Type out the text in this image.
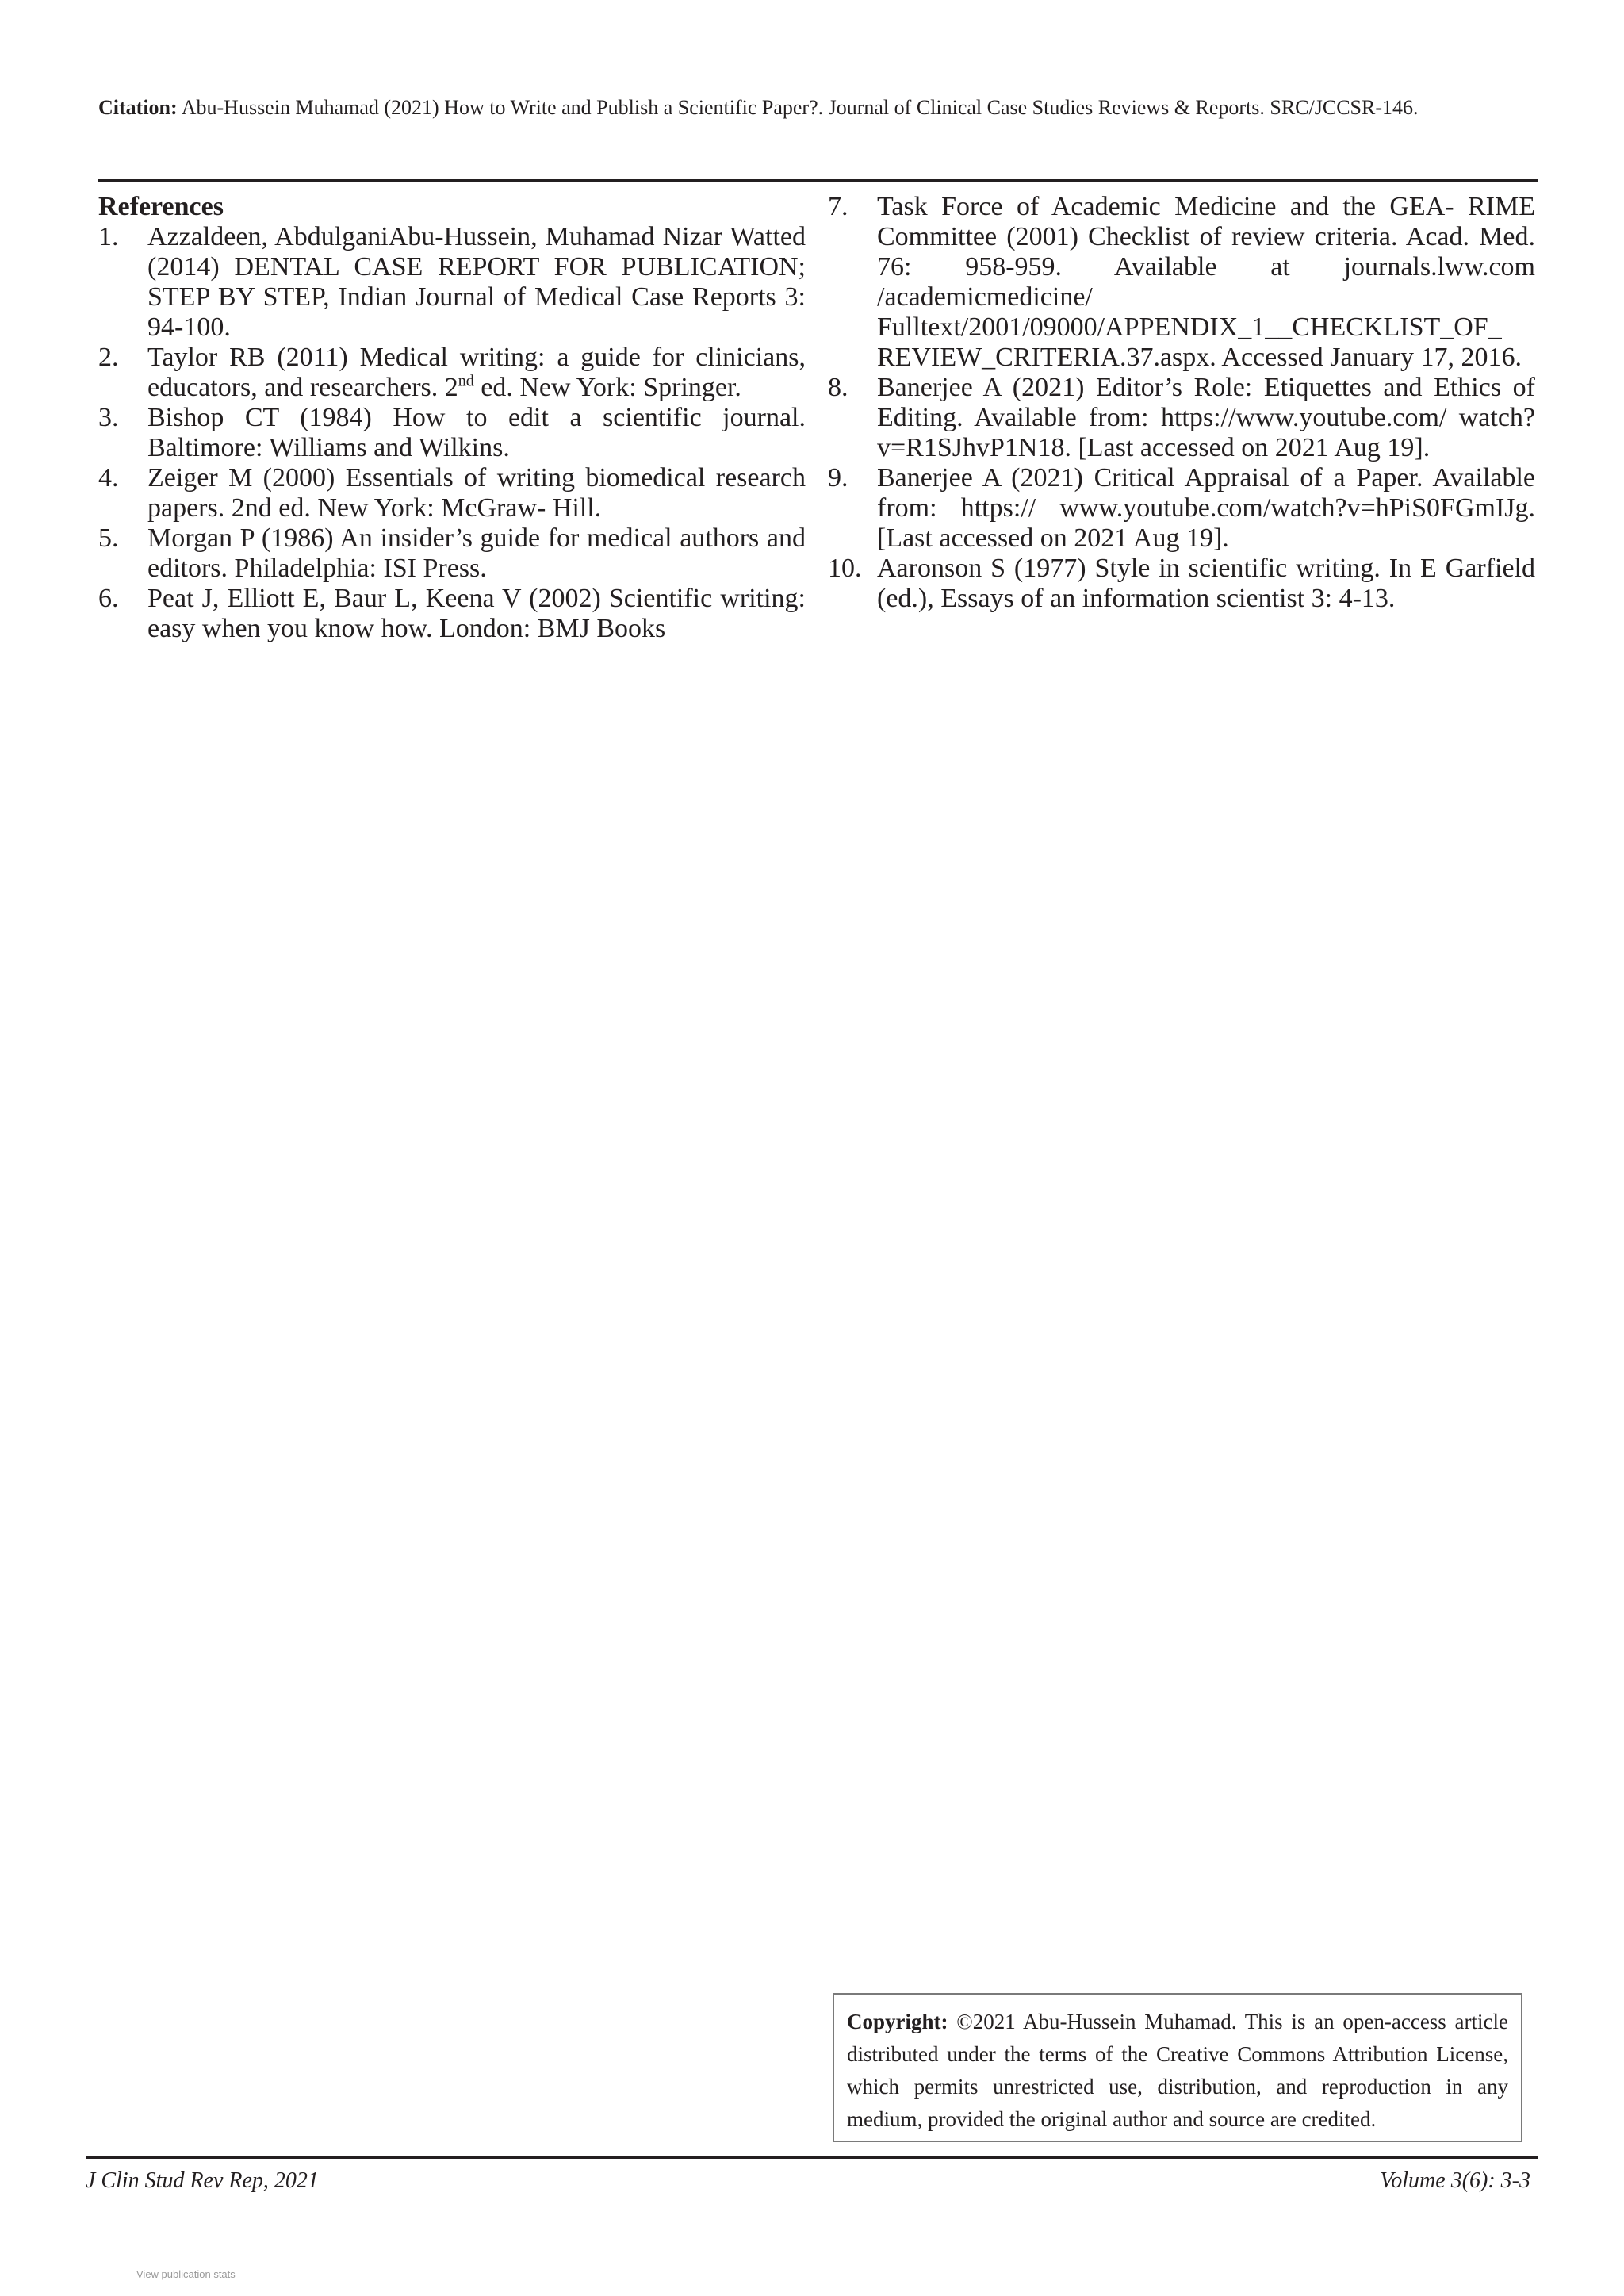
Citation: Abu-Hussein Muhamad (2021) How to Write and Publish a Scientific Paper?. Journal of Clinical Case Studies Reviews & Reports. SRC/JCCSR-146.
References
1. Azzaldeen, AbdulganiAbu-Hussein, Muhamad Nizar Watted (2014) DENTAL CASE REPORT FOR PUBLICATION; STEP BY STEP, Indian Journal of Medical Case Reports 3: 94-100.
2. Taylor RB (2011) Medical writing: a guide for clinicians, educators, and researchers. 2nd ed. New York: Springer.
3. Bishop CT (1984) How to edit a scientific journal. Baltimore: Williams and Wilkins.
4. Zeiger M (2000) Essentials of writing biomedical research papers. 2nd ed. New York: McGraw- Hill.
5. Morgan P (1986) An insider’s guide for medical authors and editors. Philadelphia: ISI Press.
6. Peat J, Elliott E, Baur L, Keena V (2002) Scientific writing: easy when you know how. London: BMJ Books
7. Task Force of Academic Medicine and the GEA- RIME Committee (2001) Checklist of review criteria. Acad. Med. 76: 958-959. Available at journals.lww.com /academicmedicine/ Fulltext/2001/09000/APPENDIX_1__CHECKLIST_OF_ REVIEW_CRITERIA.37.aspx. Accessed January 17, 2016.
8. Banerjee A (2021) Editor’s Role: Etiquettes and Ethics of Editing. Available from: https://www.youtube.com/ watch?v=R1SJhvP1N18. [Last accessed on 2021 Aug 19].
9. Banerjee A (2021) Critical Appraisal of a Paper. Available from: https:// www.youtube.com/watch?v=hPiS0FGmIJg. [Last accessed on 2021 Aug 19].
10. Aaronson S (1977) Style in scientific writing. In E Garfield (ed.), Essays of an information scientist 3: 4-13.
Copyright: ©2021 Abu-Hussein Muhamad. This is an open-access article distributed under the terms of the Creative Commons Attribution License, which permits unrestricted use, distribution, and reproduction in any medium, provided the original author and source are credited.
J Clin Stud Rev Rep, 2021	Volume 3(6): 3-3
View publication stats
